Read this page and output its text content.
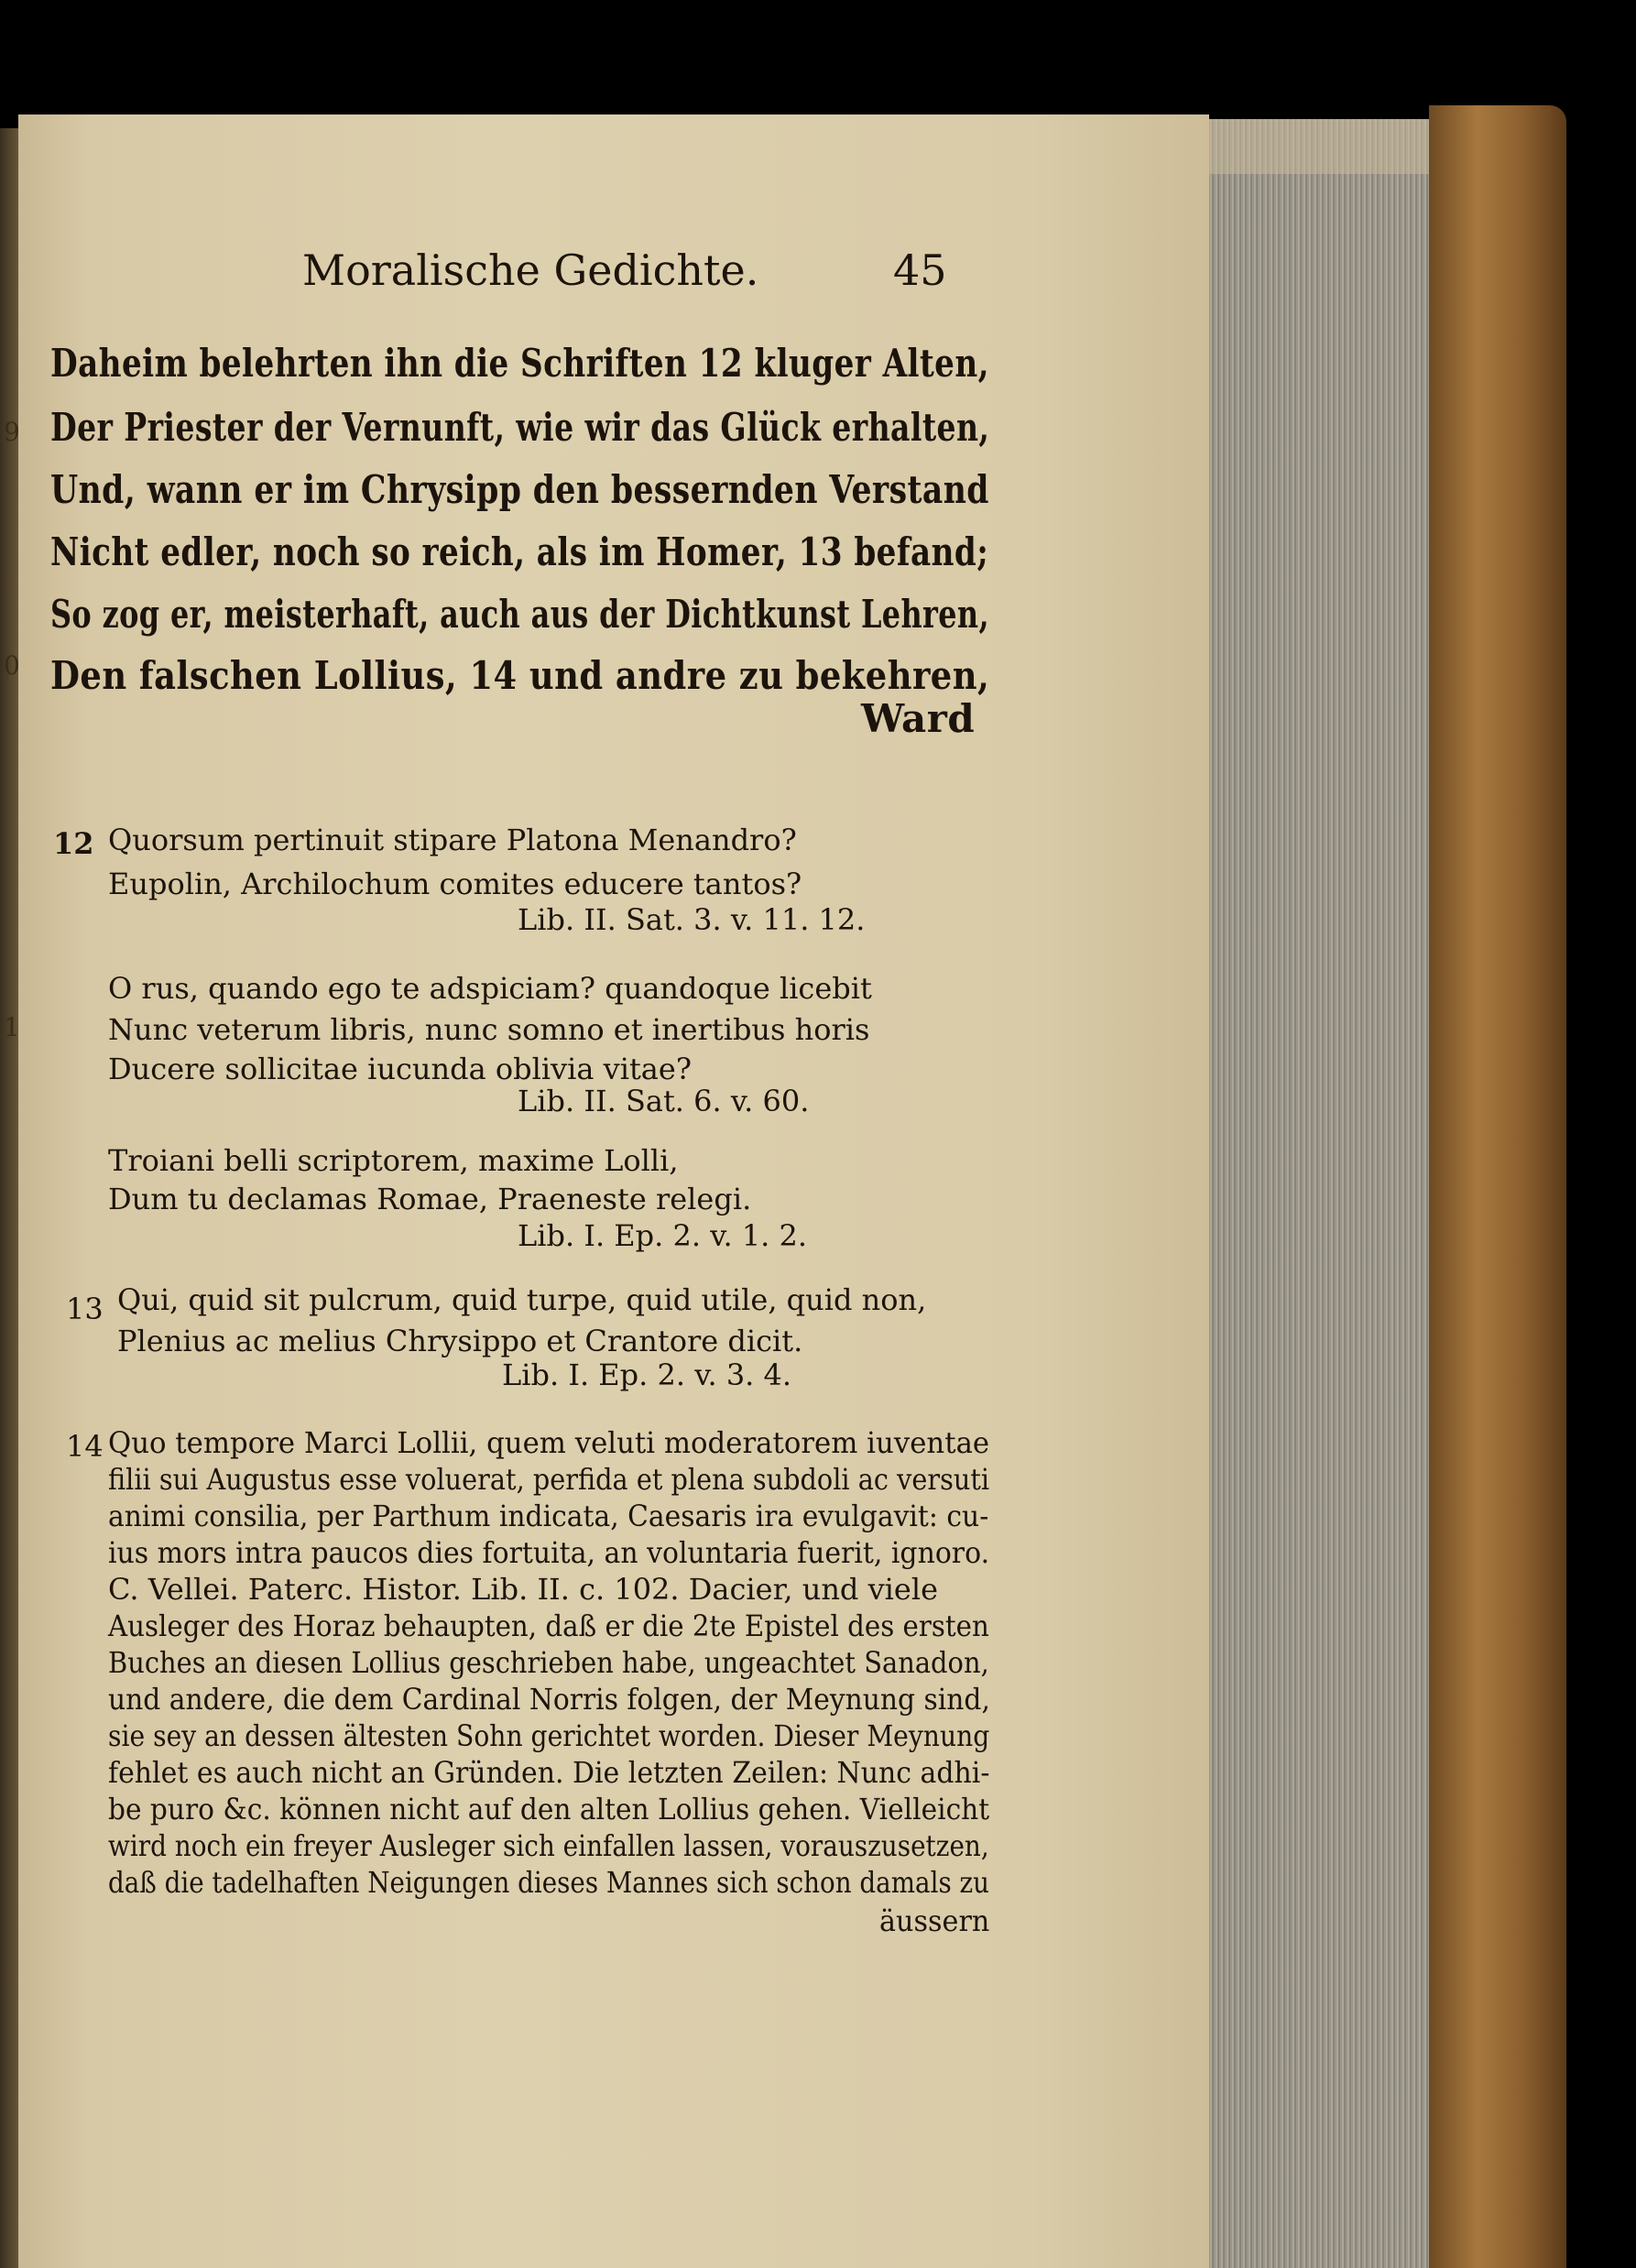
9
0
1
Moralische Gedichte.	45
Daheim belehrten ihn die Schriften 12 kluger Alten,
Der Priester der Vernunft, wie wir das Glück erhalten,
Und, wann er im Chrysipp den bessernden Verstand
Nicht edler, noch so reich, als im Homer, 13 befand;
So zog er, meisterhaft, auch aus der Dichtkunst Lehren,
Den falschen Lollius, 14 und andre zu bekehren,
Ward
12 Quorsum pertinuit stipare Platona Menandro?
Eupolin, Archilochum comites educere tantos?
Lib. II. Sat. 3. v. 11. 12.
O rus, quando ego te adspiciam? quandoque licebit
Nunc veterum libris, nunc somno et inertibus horis
Ducere sollicitae iucunda oblivia vitae?
Lib. II. Sat. 6. v. 60.
Troiani belli scriptorem, maxime Lolli,
Dum tu declamas Romae, Praeneste relegi.
Lib. I. Ep. 2. v. 1. 2.
13 Qui, quid sit pulcrum, quid turpe, quid utile, quid non,
Plenius ac melius Chrysippo et Crantore dicit.
Lib. I. Ep. 2. v. 3. 4.
14 Quo tempore Marci Lollii, quem veluti moderatorem iuventae
filii sui Augustus esse voluerat, perfida et plena subdoli ac versuti
animi consilia, per Parthum indicata, Caesaris ira evulgavit: cu-
ius mors intra paucos dies fortuita, an voluntaria fuerit, ignoro.
C. Vellei. Paterc. Histor. Lib. II. c. 102. Dacier, und viele
Ausleger des Horaz behaupten, daß er die 2te Epistel des ersten
Buches an diesen Lollius geschrieben habe, ungeachtet Sanadon,
und andere, die dem Cardinal Norris folgen, der Meynung sind,
sie sey an dessen ältesten Sohn gerichtet worden. Dieser Meynung
fehlet es auch nicht an Gründen. Die letzten Zeilen: Nunc adhi-
be puro &c. können nicht auf den alten Lollius gehen. Vielleicht
wird noch ein freyer Ausleger sich einfallen lassen, vorauszusetzen,
daß die tadelhaften Neigungen dieses Mannes sich schon damals zu
äussern
